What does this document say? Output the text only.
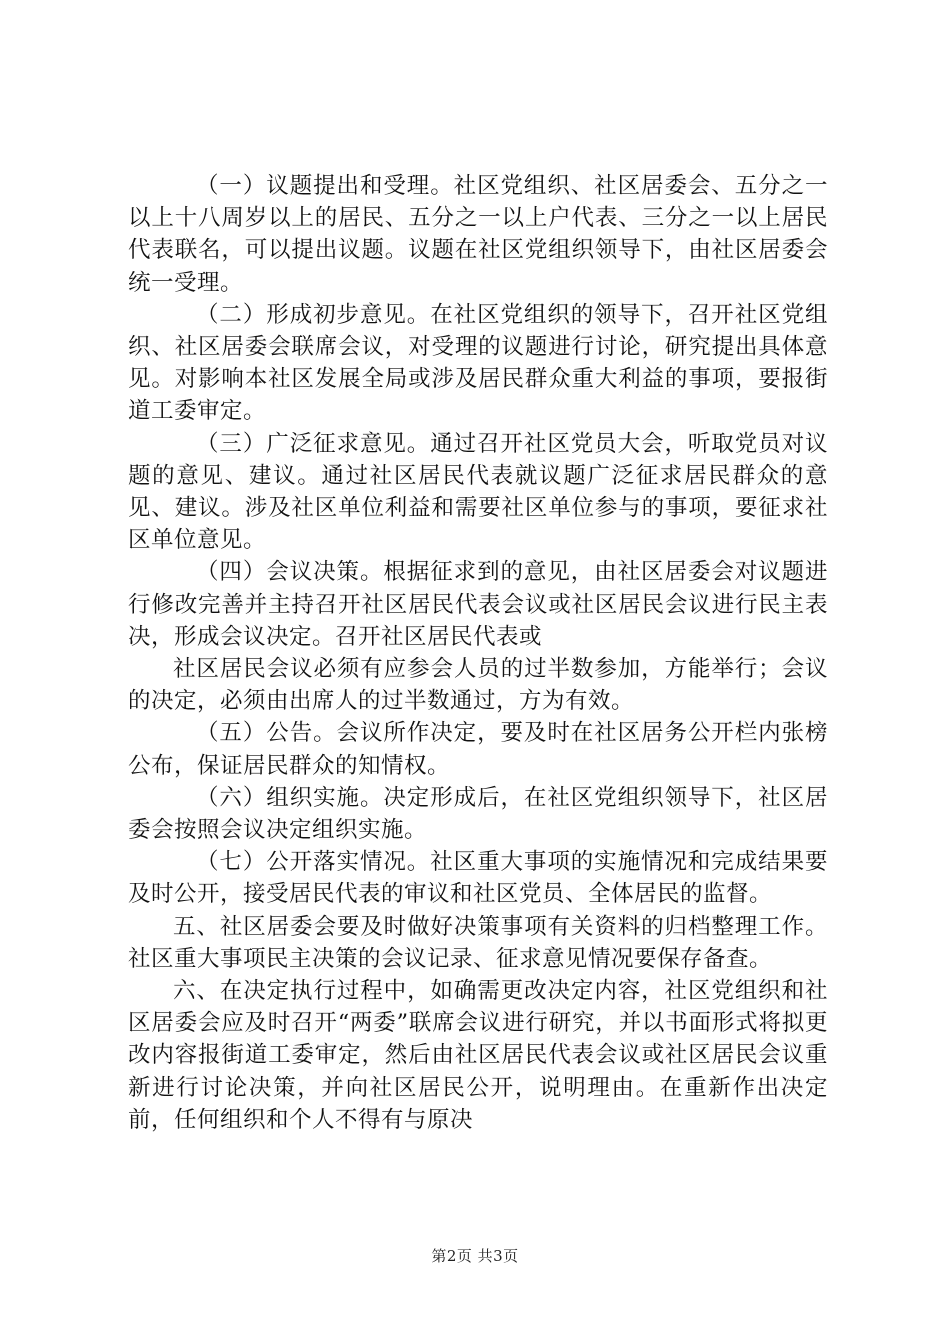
（一）议题提出和受理。社区党组织、社区居委会、五分之一以上十八周岁以上的居民、五分之一以上户代表、三分之一以上居民代表联名，可以提出议题。议题在社区党组织领导下，由社区居委会统一受理。

（二）形成初步意见。在社区党组织的领导下，召开社区党组织、社区居委会联席会议，对受理的议题进行讨论，研究提出具体意见。对影响本社区发展全局或涉及居民群众重大利益的事项，要报街道工委审定。

（三）广泛征求意见。通过召开社区党员大会，听取党员对议题的意见、建议。通过社区居民代表就议题广泛征求居民群众的意见、建议。涉及社区单位利益和需要社区单位参与的事项，要征求社区单位意见。

（四）会议决策。根据征求到的意见，由社区居委会对议题进行修改完善并主持召开社区居民代表会议或社区居民会议进行民主表决，形成会议决定。召开社区居民代表或

社区居民会议必须有应参会人员的过半数参加，方能举行；会议的决定，必须由出席人的过半数通过，方为有效。

（五）公告。会议所作决定，要及时在社区居务公开栏内张榜公布，保证居民群众的知情权。

（六）组织实施。决定形成后，在社区党组织领导下，社区居委会按照会议决定组织实施。

（七）公开落实情况。社区重大事项的实施情况和完成结果要及时公开，接受居民代表的审议和社区党员、全体居民的监督。

五、社区居委会要及时做好决策事项有关资料的归档整理工作。社区重大事项民主决策的会议记录、征求意见情况要保存备查。

六、在决定执行过程中，如确需更改决定内容，社区党组织和社区居委会应及时召开“两委”联席会议进行研究，并以书面形式将拟更改内容报街道工委审定，然后由社区居民代表会议或社区居民会议重新进行讨论决策，并向社区居民公开，说明理由。在重新作出决定前，任何组织和个人不得有与原决

第2页 共3页
